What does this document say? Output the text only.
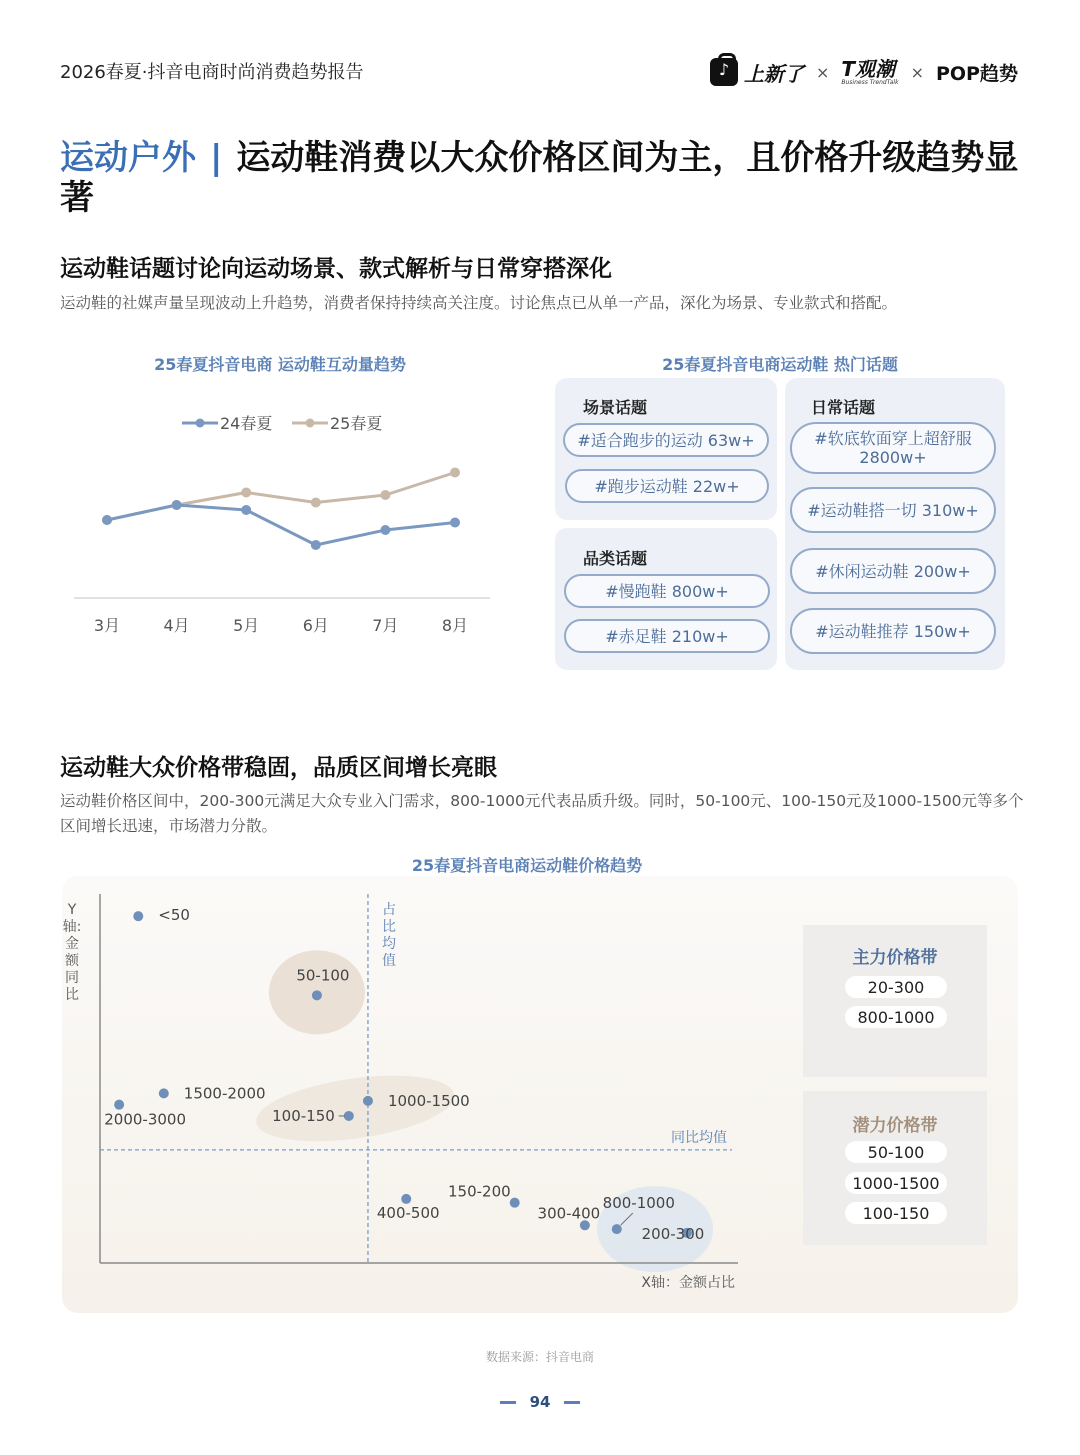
2026春夏·抖音电商时尚消费趋势报告	♪ 上新了 × T观潮
Business TrendTalk
× POP趋势
运动户外 | 运动鞋消费以大众价格区间为主，且价格升级趋势显著
运动鞋话题讨论向运动场景、款式解析与日常穿搭深化
运动鞋的社媒声量呈现波动上升趋势，消费者保持持续高关注度。讨论焦点已从单一产品，深化为场景、专业款式和搭配。
25春夏抖音电商 运动鞋互动量趋势
3月	4月	5月	6月	7月	8月
24春夏	25春夏
25春夏抖音电商运动鞋 热门话题
场景话题
#适合跑步的运动 63w+
#跑步运动鞋 22w+
品类话题
#慢跑鞋 800w+
#赤足鞋 210w+
日常话题
#软底软面穿上超舒服 2800w+
#运动鞋搭一切 310w+
#休闲运动鞋 200w+
#运动鞋推荐 150w+
运动鞋大众价格带稳固，品质区间增长亮眼
运动鞋价格区间中，200-300元满足大众专业入门需求，800-1000元代表品质升级。同时，50-100元、100-150元及1000-1500元等多个区间增长迅速，市场潜力分散。
25春夏抖音电商运动鞋价格趋势
占
比
均
值
同比均值
Y
轴:
金
额
同
比
X轴：金额占比
<50
50-100
1500-2000
2000-3000
1000-1500
100-150
400-500
150-200
300-400
800-1000
200-300
主力价格带
20-300
800-1000
潜力价格带
50-100
1000-1500
100-150
数据来源：抖音电商
94
